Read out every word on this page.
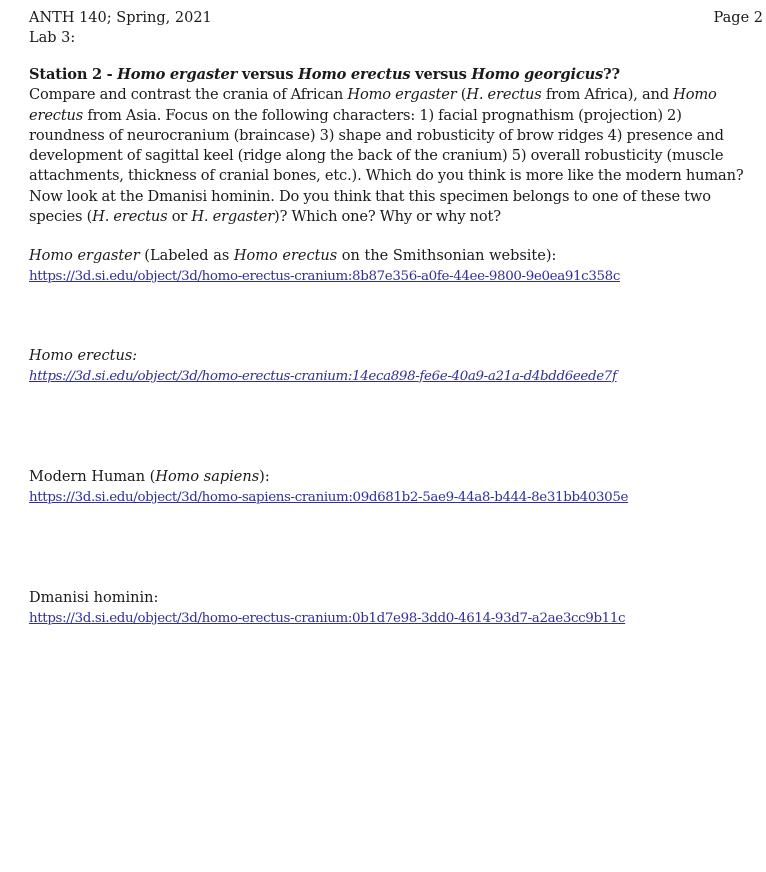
ANTH 140; Spring, 2021
Lab 3:
Page 2
Station 2 - Homo ergaster versus Homo erectus versus Homo georgicus??
Compare and contrast the crania of African Homo ergaster (H. erectus from Africa), and Homo erectus from Asia. Focus on the following characters: 1) facial prognathism (projection) 2) roundness of neurocranium (braincase) 3) shape and robusticity of brow ridges 4) presence and development of sagittal keel (ridge along the back of the cranium) 5) overall robusticity (muscle attachments, thickness of cranial bones, etc.). Which do you think is more like the modern human? Now look at the Dmanisi hominin. Do you think that this specimen belongs to one of these two species (H. erectus or H. ergaster)? Which one? Why or why not?
Homo ergaster (Labeled as Homo erectus on the Smithsonian website):
https://3d.si.edu/object/3d/homo-erectus-cranium:8b87e356-a0fe-44ee-9800-9e0ea91c358c
Homo erectus:
https://3d.si.edu/object/3d/homo-erectus-cranium:14eca898-fe6e-40a9-a21a-d4bdd6eede7f
Modern Human (Homo sapiens):
https://3d.si.edu/object/3d/homo-sapiens-cranium:09d681b2-5ae9-44a8-b444-8e31bb40305e
Dmanisi hominin:
https://3d.si.edu/object/3d/homo-erectus-cranium:0b1d7e98-3dd0-4614-93d7-a2ae3cc9b11c
